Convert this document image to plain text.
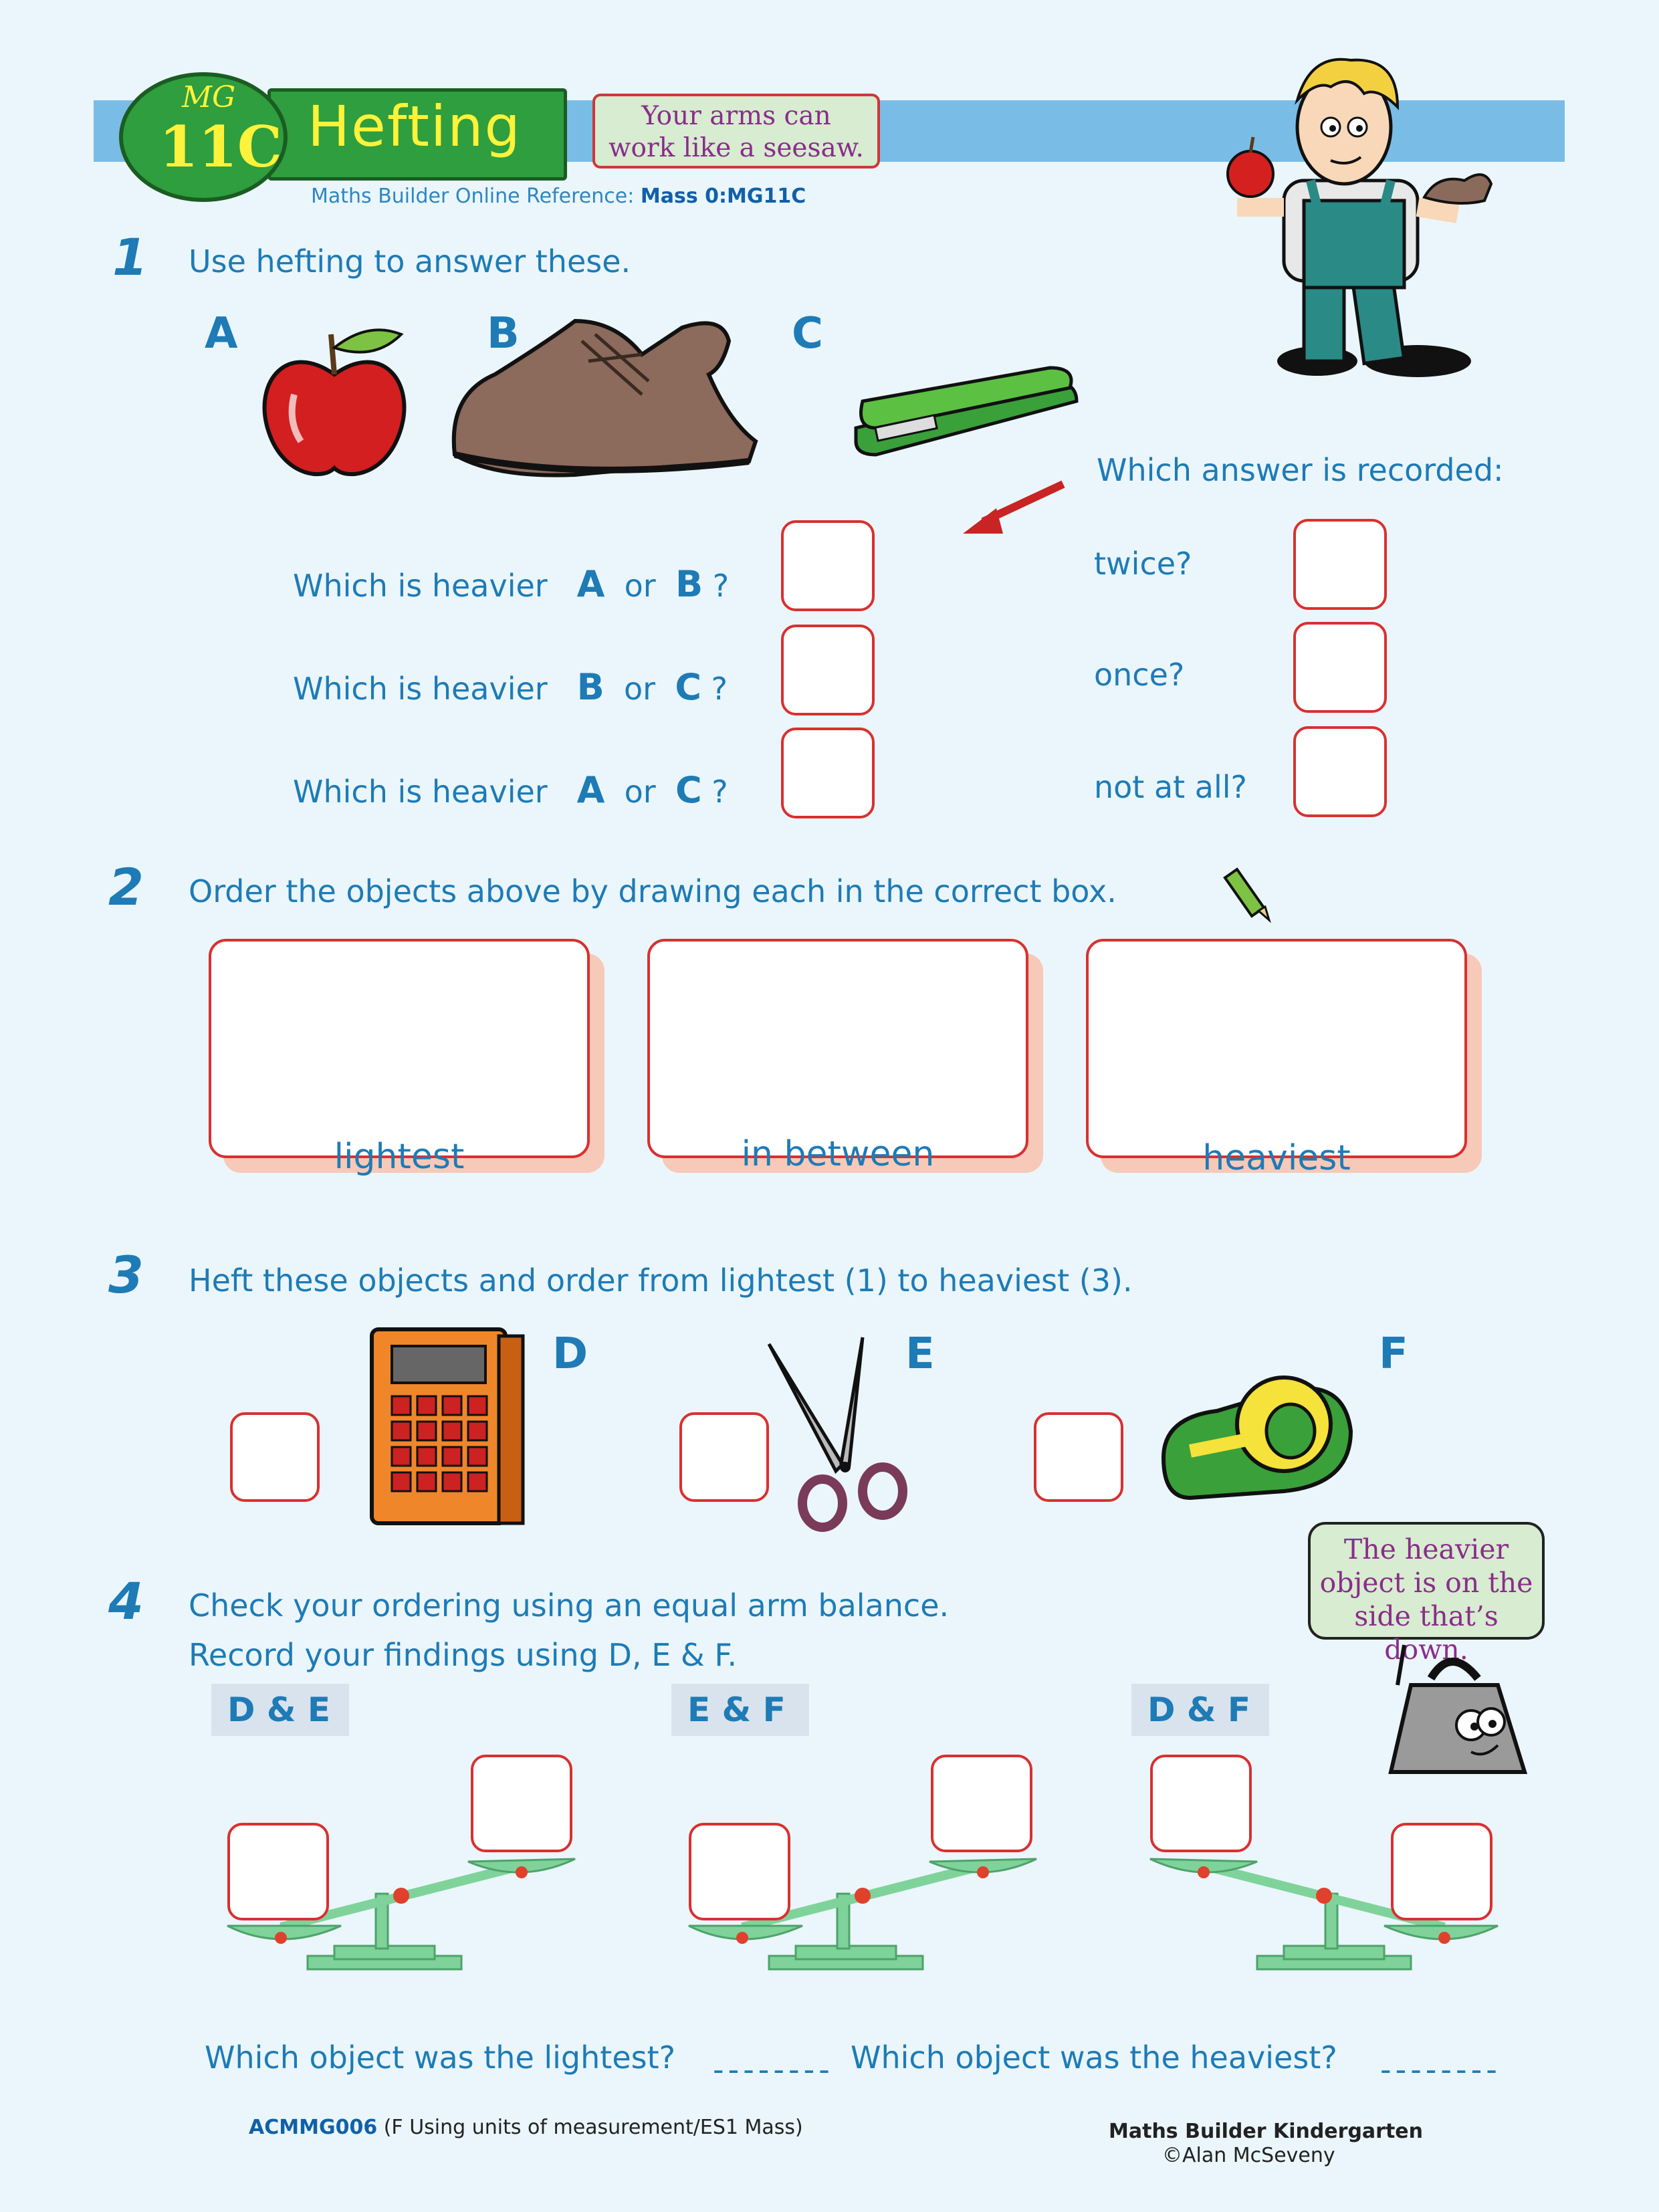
Hefting
MG
11C	Your arms can
work like a seesaw.
Maths Builder Online Reference: Mass 0:MG11C
1 Use hefting to answer these.
A	B	C
Which is heavier A or B ?
Which is heavier B or C ?
Which is heavier A or C ?
Which answer is recorded:
twice?
once?
not at all?
2 Order the objects above by drawing each in the correct box.
lightest	in between	heaviest
3 Heft these objects and order from lightest (1) to heaviest (3).
D	E	F
4 Check your ordering using an equal arm balance.
Record your findings using D, E & F.
The heavier
object is on the
side that’s down.
D & E	E & F	D & F
Which object was the lightest? -------- Which object was the heaviest? --------
ACMMG006 (F Using units of measurement/ES1 Mass)	Maths Builder Kindergarten
©Alan McSeveny
